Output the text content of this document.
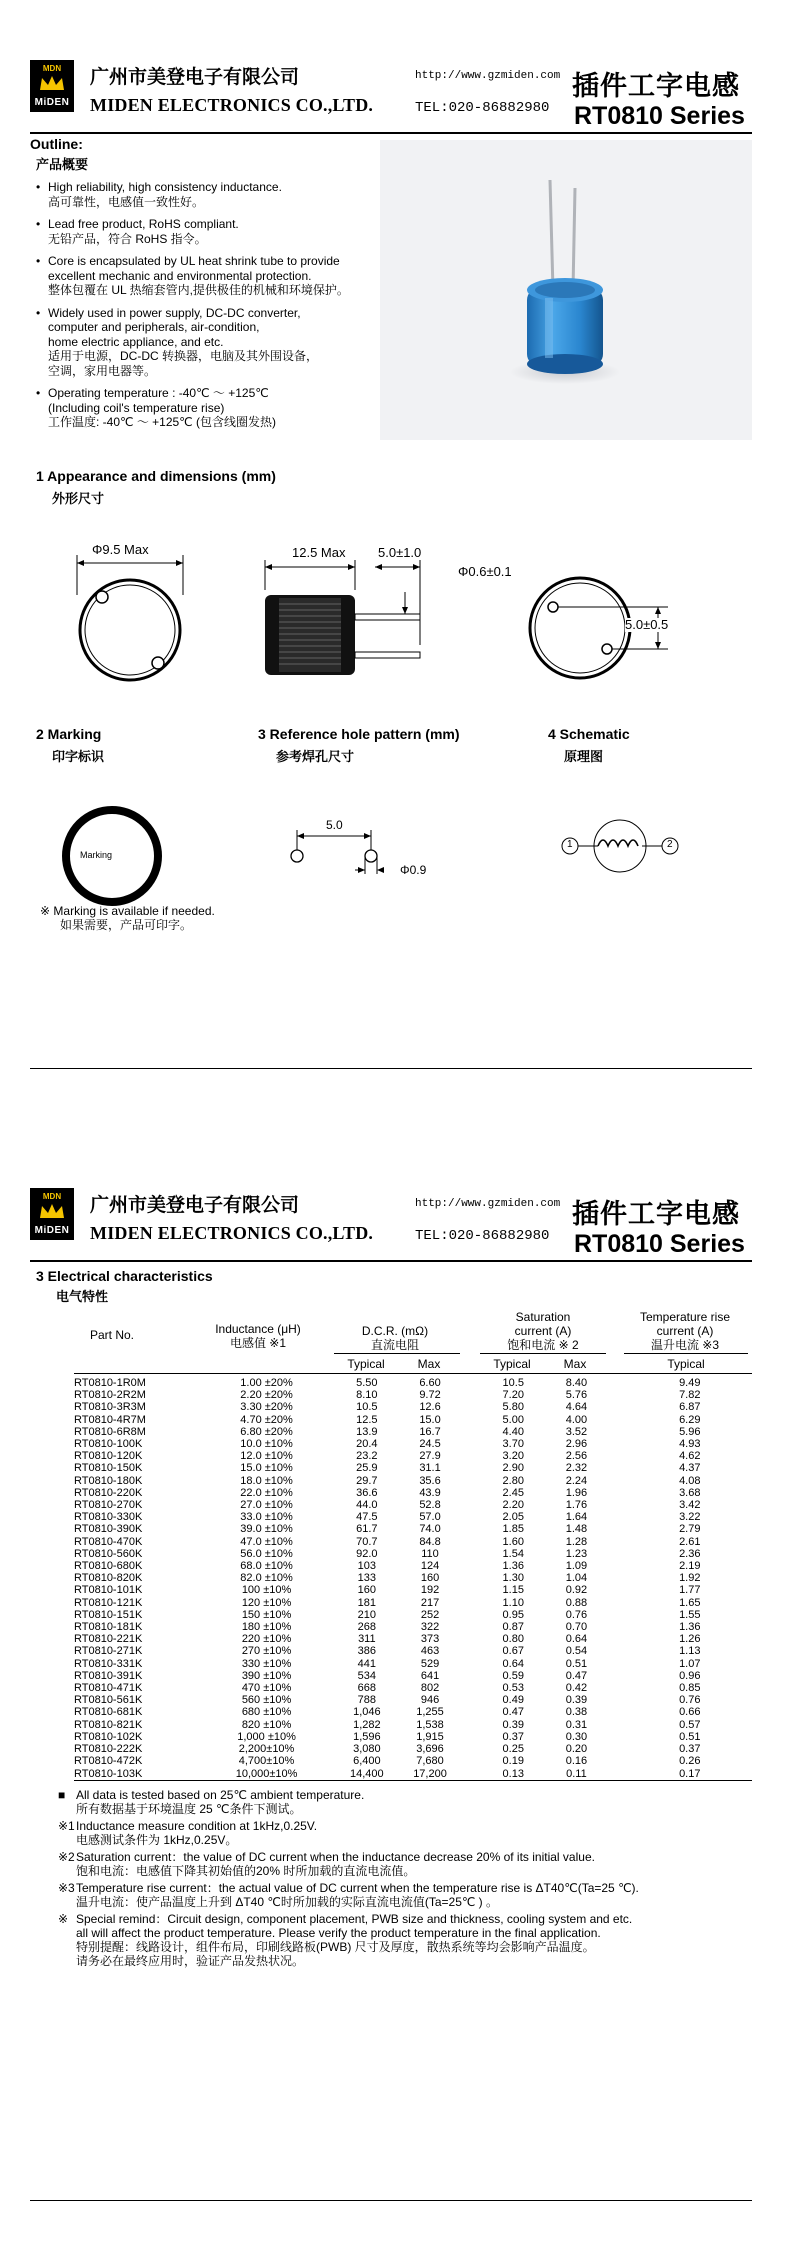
MDN
MiDEN
广州市美登电子有限公司
MIDEN ELECTRONICS CO.,LTD.
http://www.gzmiden.com
TEL:020-86882980
插件工字电感
RT0810 Series
Outline:
产品概要
• High reliability, high consistency inductance.
高可靠性，电感值一致性好。
• Lead free product, RoHS compliant.
无铅产品，符合 RoHS 指令。
• Core is encapsulated by UL heat shrink tube to provide
excellent mechanic and environmental protection.
整体包覆在 UL 热缩套管内,提供极佳的机械和环境保护。
• Widely used in power supply, DC-DC converter,
computer and peripherals, air-condition,
home electric appliance, and etc.
适用于电源，DC-DC 转换器，电脑及其外围设备，
空调，家用电器等。
• Operating temperature : -40℃ ～ +125℃
(Including coil's temperature rise)
工作温度: -40℃ ～ +125℃ (包含线圈发热)
1 Appearance and dimensions (mm)
外形尺寸
Φ9.5 Max	12.5 Max	5.0±1.0
Φ0.6±0.1
5.0±0.5
2 Marking
印字标识
Marking
※ Marking is available if needed.
如果需要，产品可印字。
3 Reference hole pattern (mm)
参考焊孔尺寸
5.0
Φ0.9
4 Schematic
原理图
1	2
MDN
MiDEN
广州市美登电子有限公司
MIDEN ELECTRONICS CO.,LTD.
http://www.gzmiden.com
TEL:020-86882980
插件工字电感
RT0810 Series
3 Electrical characteristics
电气特性
Part No.	Inductance (μH)
电感值 ※1
D.C.R. (mΩ)
直流电阻
Saturation
current (A)
饱和电流 ※ 2
Temperature rise
current (A)
温升电流 ※3
Typical	Max	Typical	Max	Typical
RT0810-1R0M	1.00 ±20%	5.50	6.60		10.5	8.40		9.49
RT0810-2R2M	2.20 ±20%	8.10	9.72		7.20	5.76		7.82
RT0810-3R3M	3.30 ±20%	10.5	12.6		5.80	4.64		6.87
RT0810-4R7M	4.70 ±20%	12.5	15.0		5.00	4.00		6.29
RT0810-6R8M	6.80 ±20%	13.9	16.7		4.40	3.52		5.96
RT0810-100K	10.0 ±10%	20.4	24.5		3.70	2.96		4.93
RT0810-120K	12.0 ±10%	23.2	27.9		3.20	2.56		4.62
RT0810-150K	15.0 ±10%	25.9	31.1		2.90	2.32		4.37
RT0810-180K	18.0 ±10%	29.7	35.6		2.80	2.24		4.08
RT0810-220K	22.0 ±10%	36.6	43.9		2.45	1.96		3.68
RT0810-270K	27.0 ±10%	44.0	52.8		2.20	1.76		3.42
RT0810-330K	33.0 ±10%	47.5	57.0		2.05	1.64		3.22
RT0810-390K	39.0 ±10%	61.7	74.0		1.85	1.48		2.79
RT0810-470K	47.0 ±10%	70.7	84.8		1.60	1.28		2.61
RT0810-560K	56.0 ±10%	92.0	110		1.54	1.23		2.36
RT0810-680K	68.0 ±10%	103	124		1.36	1.09		2.19
RT0810-820K	82.0 ±10%	133	160		1.30	1.04		1.92
RT0810-101K	100 ±10%	160	192		1.15	0.92		1.77
RT0810-121K	120 ±10%	181	217		1.10	0.88		1.65
RT0810-151K	150 ±10%	210	252		0.95	0.76		1.55
RT0810-181K	180 ±10%	268	322		0.87	0.70		1.36
RT0810-221K	220 ±10%	311	373		0.80	0.64		1.26
RT0810-271K	270 ±10%	386	463		0.67	0.54		1.13
RT0810-331K	330 ±10%	441	529		0.64	0.51		1.07
RT0810-391K	390 ±10%	534	641		0.59	0.47		0.96
RT0810-471K	470 ±10%	668	802		0.53	0.42		0.85
RT0810-561K	560 ±10%	788	946		0.49	0.39		0.76
RT0810-681K	680 ±10%	1,046	1,255		0.47	0.38		0.66
RT0810-821K	820 ±10%	1,282	1,538		0.39	0.31		0.57
RT0810-102K	1,000 ±10%	1,596	1,915		0.37	0.30		0.51
RT0810-222K	2,200±10%	3,080	3,696		0.25	0.20		0.37
RT0810-472K	4,700±10%	6,400	7,680		0.19	0.16		0.26
RT0810-103K	10,000±10%	14,400	17,200		0.13	0.11		0.17
■ All data is tested based on 25℃ ambient temperature.
所有数据基于环境温度 25 ℃条件下测试。
※1 Inductance measure condition at 1kHz,0.25V.
电感测试条件为 1kHz,0.25V。
※2 Saturation current：the value of DC current when the inductance decrease 20% of its initial value.
饱和电流：电感值下降其初始值的20% 时所加载的直流电流值。
※3 Temperature rise current：the actual value of DC current when the temperature rise is ΔT40℃(Ta=25 ℃).
温升电流：使产品温度上升到 ΔT40 ℃时所加载的实际直流电流值(Ta=25℃ ) 。
※ Special remind：Circuit design, component placement, PWB size and thickness, cooling system and etc.
all will affect the product temperature. Please verify the product temperature in the final application.
特别提醒：线路设计，组件布局，印刷线路板(PWB) 尺寸及厚度，散热系统等均会影响产品温度。
请务必在最终应用时，验证产品发热状况。
